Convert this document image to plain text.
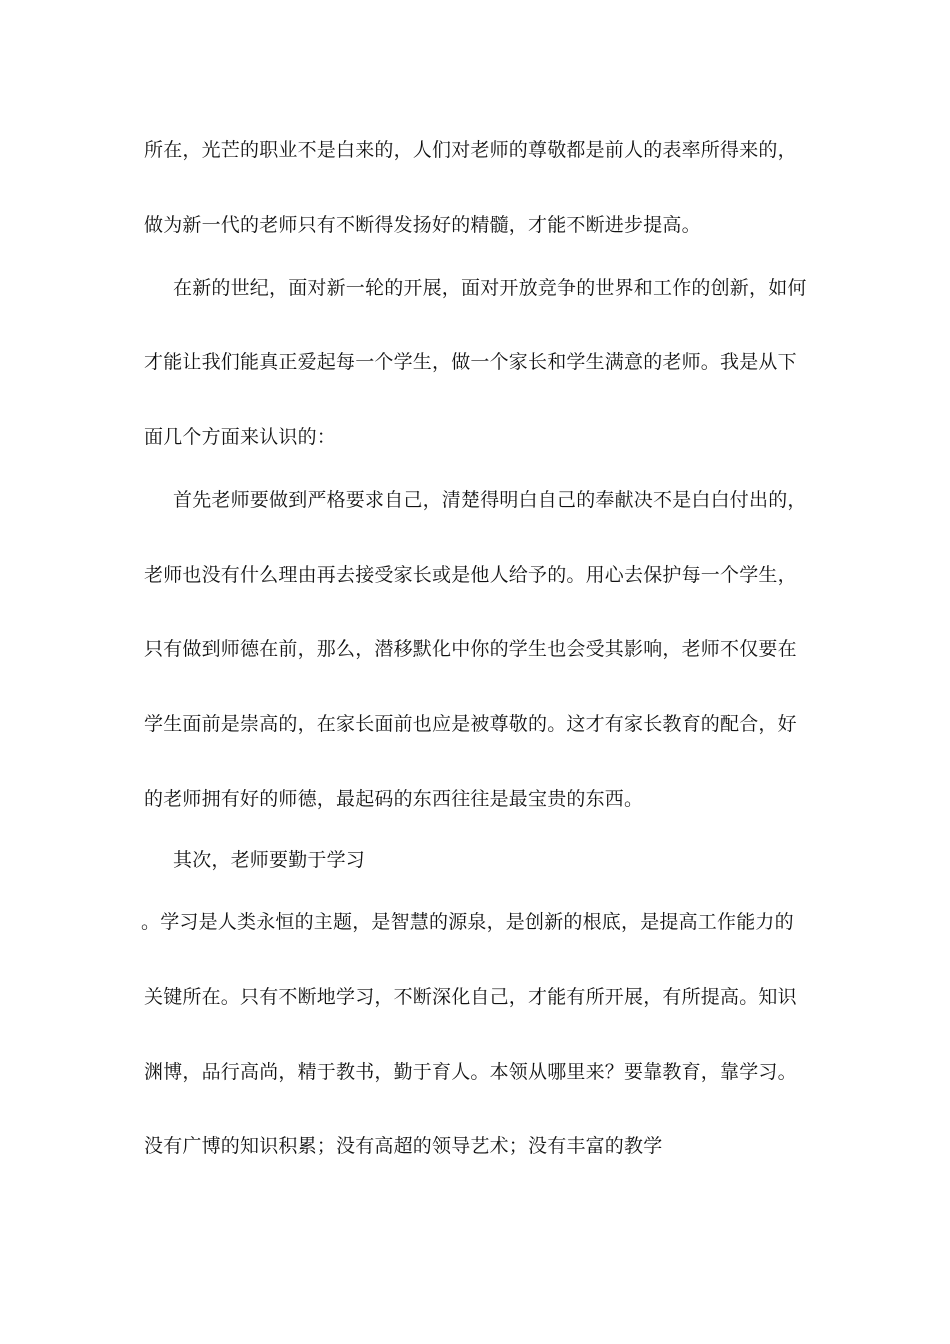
所在，光芒的职业不是白来的，人们对老师的尊敬都是前人的表率所得来的，
做为新一代的老师只有不断得发扬好的精髓，才能不断进步提高。
在新的世纪，面对新一轮的开展，面对开放竞争的世界和工作的创新，如何
才能让我们能真正爱起每一个学生，做一个家长和学生满意的老师。我是从下
面几个方面来认识的：
首先老师要做到严格要求自己，清楚得明白自己的奉献决不是白白付出的，
老师也没有什么理由再去接受家长或是他人给予的。用心去保护每一个学生，
只有做到师德在前，那么，潜移默化中你的学生也会受其影响，老师不仅要在
学生面前是崇高的，在家长面前也应是被尊敬的。这才有家长教育的配合，好
的老师拥有好的师德，最起码的东西往往是最宝贵的东西。
其次，老师要勤于学习
。学习是人类永恒的主题，是智慧的源泉，是创新的根底，是提高工作能力的
关键所在。只有不断地学习，不断深化自己，才能有所开展，有所提高。知识
渊博，品行高尚，精于教书，勤于育人。本领从哪里来？要靠教育，靠学习。
没有广博的知识积累；没有高超的领导艺术；没有丰富的教学
